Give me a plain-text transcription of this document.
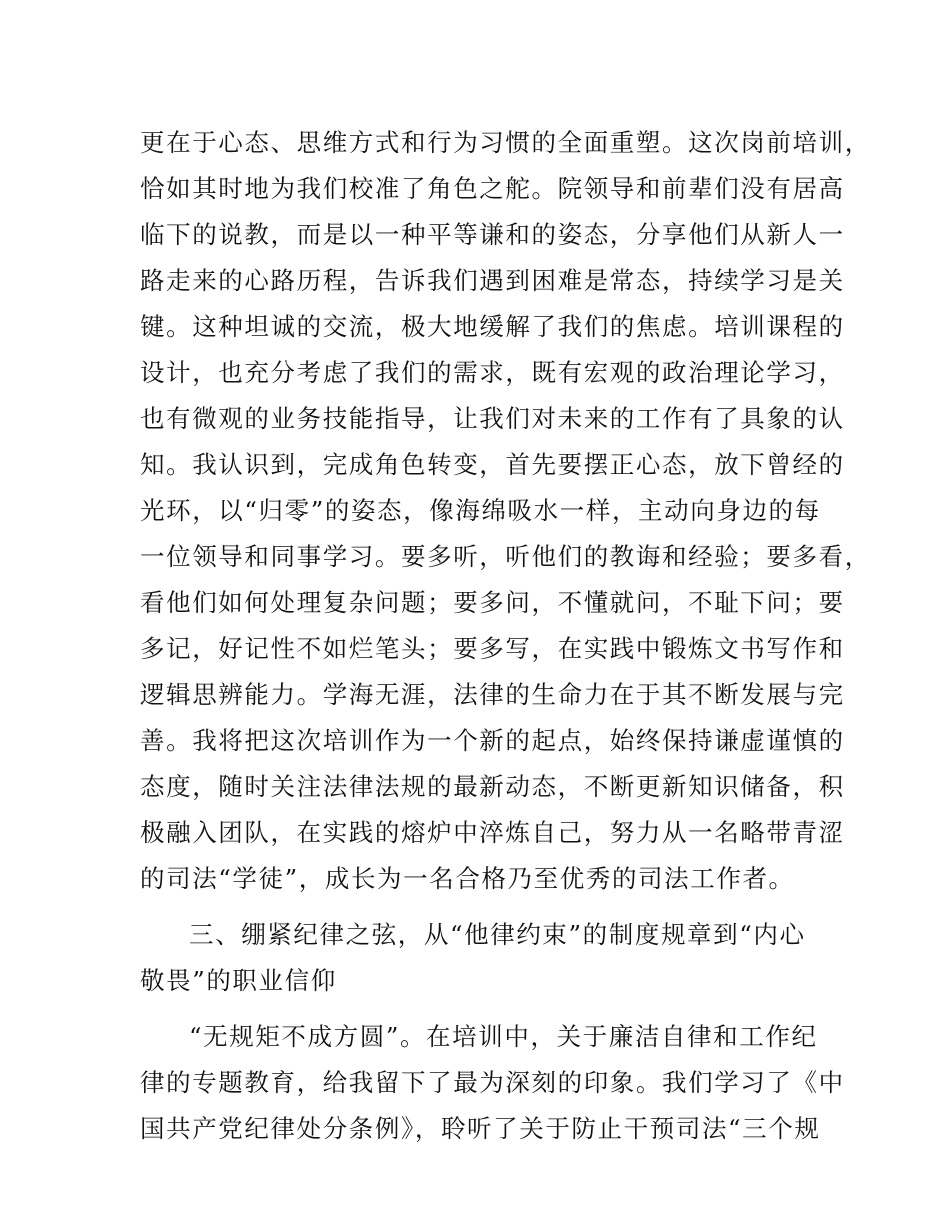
更在于心态、思维方式和行为习惯的全面重塑。这次岗前培训，
恰如其时地为我们校准了角色之舵。院领导和前辈们没有居高
临下的说教，而是以一种平等谦和的姿态，分享他们从新人一
路走来的心路历程，告诉我们遇到困难是常态，持续学习是关
键。这种坦诚的交流，极大地缓解了我们的焦虑。培训课程的
设计，也充分考虑了我们的需求，既有宏观的政治理论学习，
也有微观的业务技能指导，让我们对未来的工作有了具象的认
知。我认识到，完成角色转变，首先要摆正心态，放下曾经的
光环，以“归零”的姿态，像海绵吸水一样，主动向身边的每
一位领导和同事学习。要多听，听他们的教诲和经验；要多看，
看他们如何处理复杂问题；要多问，不懂就问，不耻下问；要
多记，好记性不如烂笔头；要多写，在实践中锻炼文书写作和
逻辑思辨能力。学海无涯，法律的生命力在于其不断发展与完
善。我将把这次培训作为一个新的起点，始终保持谦虚谨慎的
态度，随时关注法律法规的最新动态，不断更新知识储备，积
极融入团队，在实践的熔炉中淬炼自己，努力从一名略带青涩
的司法“学徒”，成长为一名合格乃至优秀的司法工作者。
三、绷紧纪律之弦，从“他律约束”的制度规章到“内心
敬畏”的职业信仰
“无规矩不成方圆”。在培训中，关于廉洁自律和工作纪
律的专题教育，给我留下了最为深刻的印象。我们学习了《中
国共产党纪律处分条例》，聆听了关于防止干预司法“三个规
